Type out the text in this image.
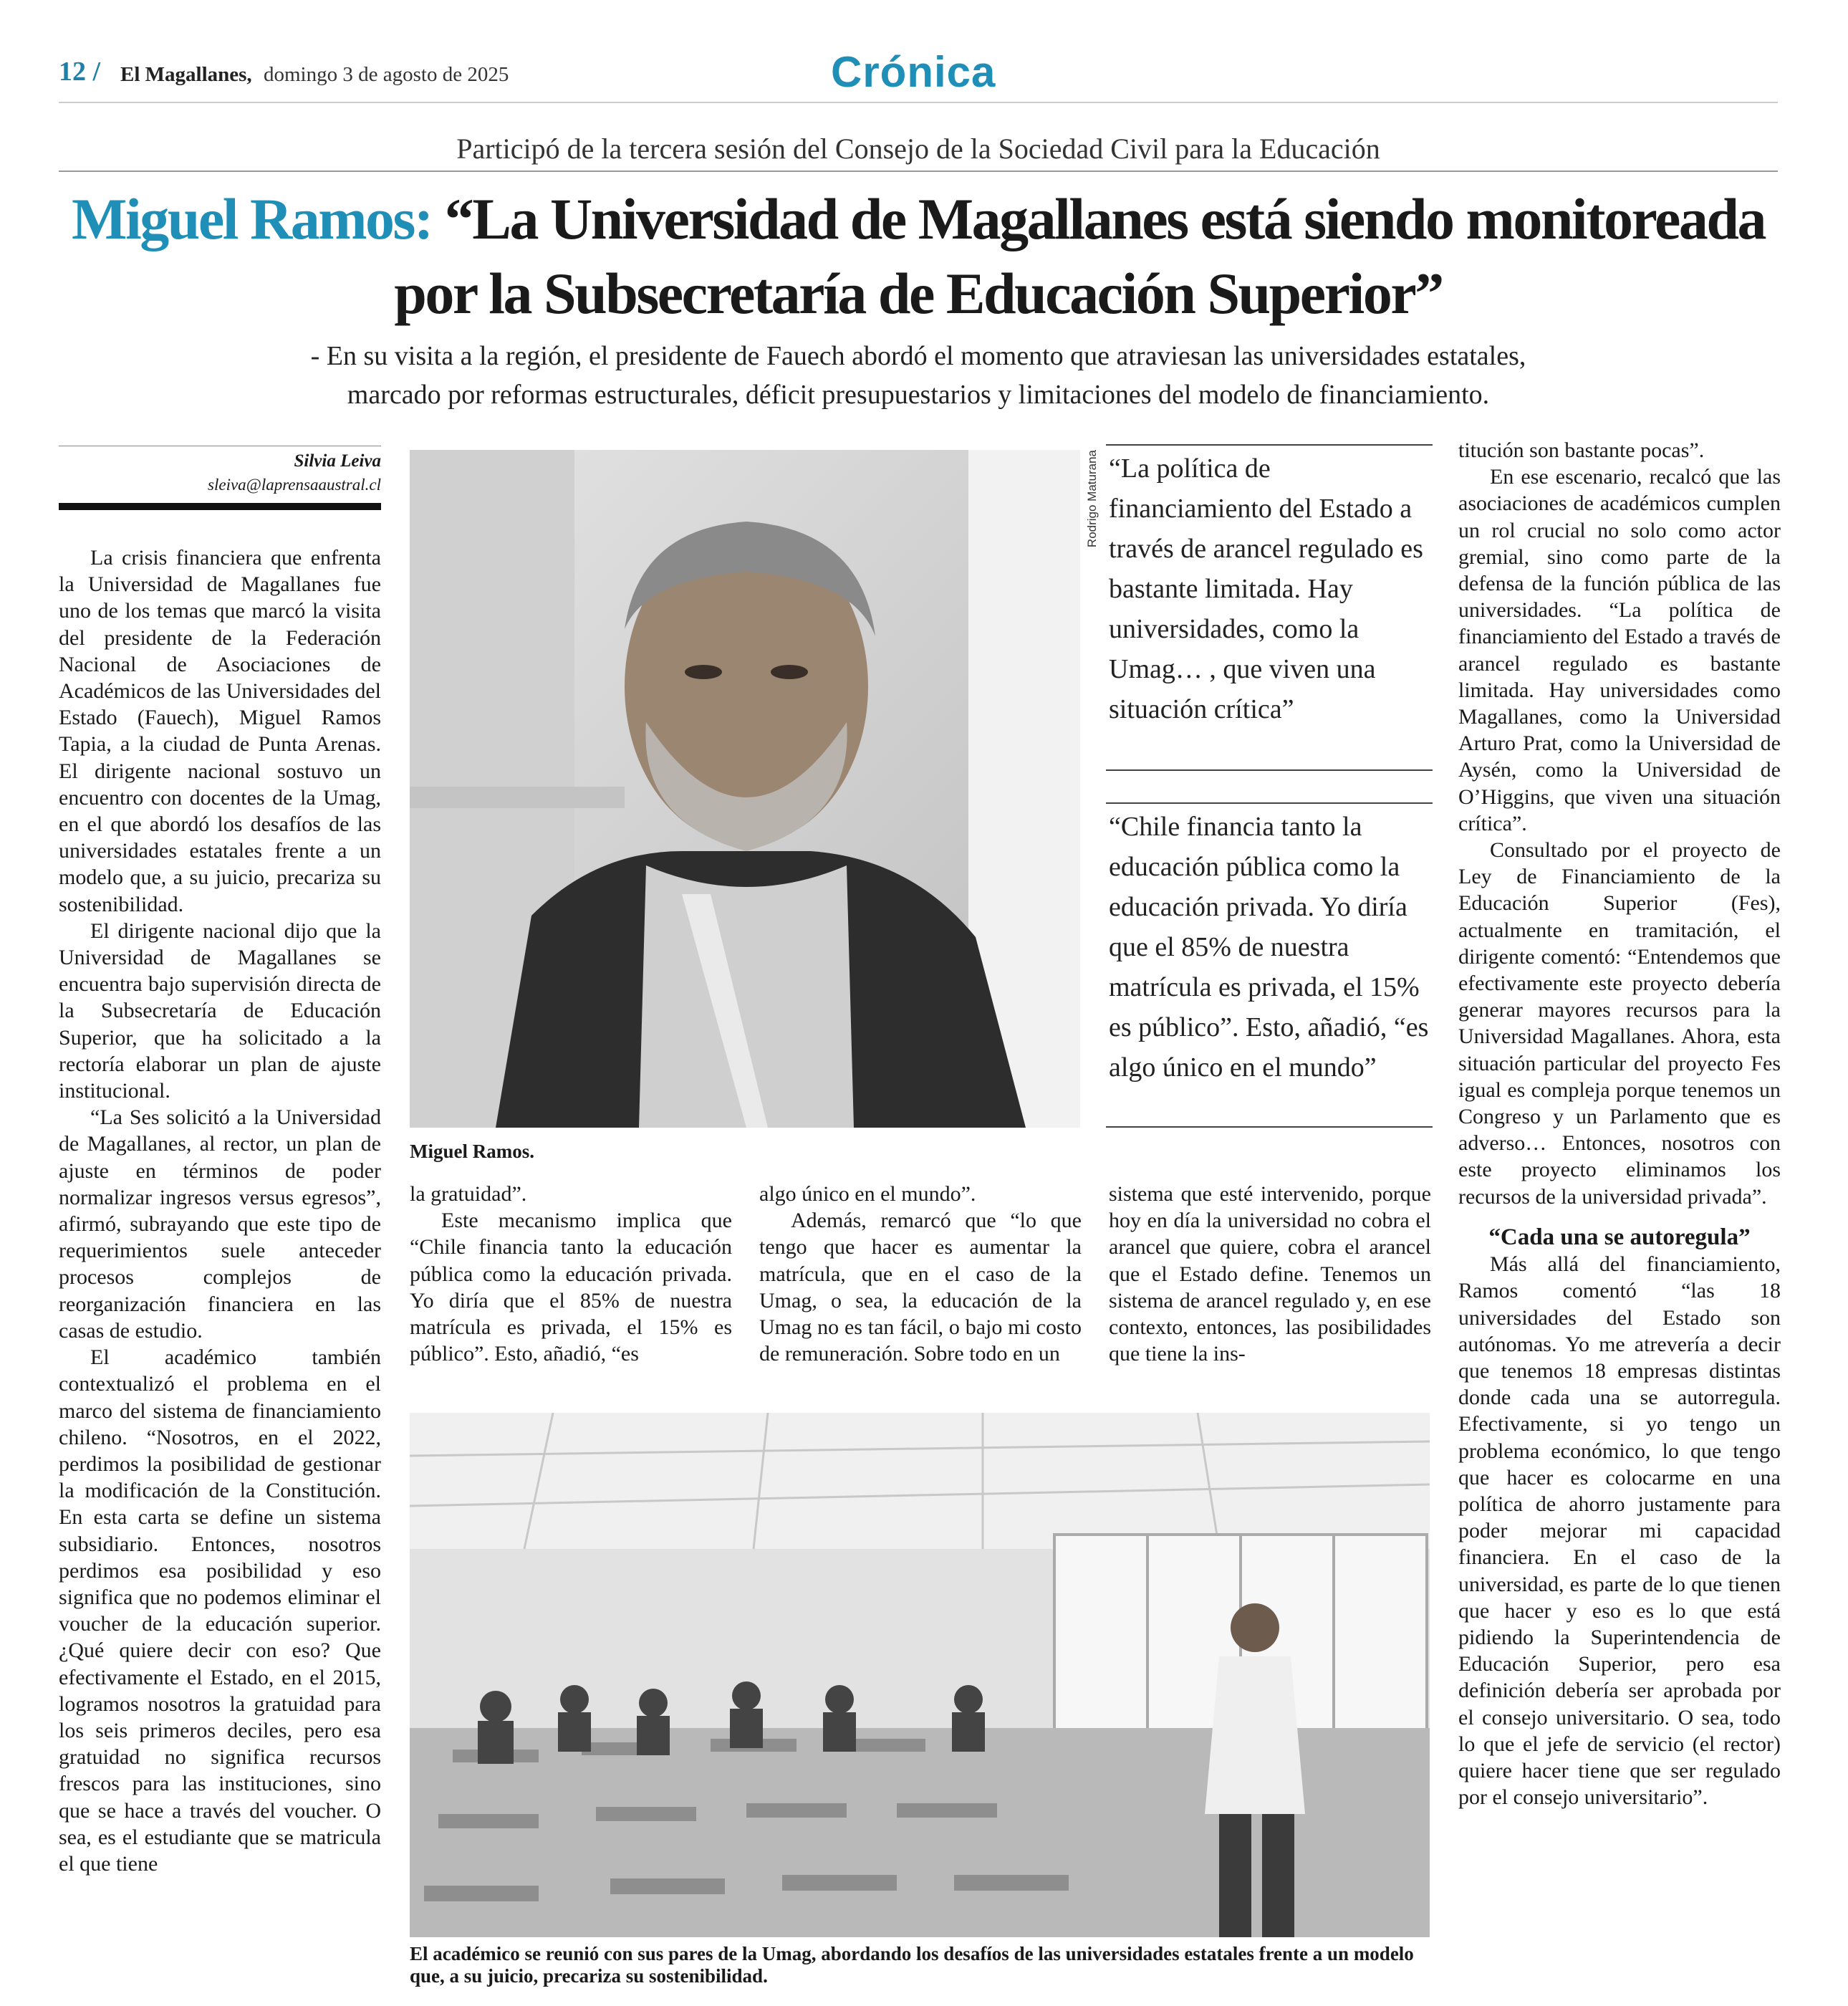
12 / El Magallanes, domingo 3 de agosto de 2025	Crónica
Participó de la tercera sesión del Consejo de la Sociedad Civil para la Educación
Miguel Ramos: “La Universidad de Magallanes está siendo monitoreada por la Subsecretaría de Educación Superior”
- En su visita a la región, el presidente de Fauech abordó el momento que atraviesan las universidades estatales,
marcado por reformas estructurales, déficit presupuestarios y limitaciones del modelo de financiamiento.
Silvia Leiva
sleiva@laprensaaustral.cl

La crisis financiera que enfrenta la Universidad de Magallanes fue uno de los temas que marcó la visita del presidente de la Federación Nacional de Asociaciones de Académicos de las Universidades del Estado (Fauech), Miguel Ramos Tapia, a la ciudad de Punta Arenas. El dirigente nacional sostuvo un encuentro con docentes de la Umag, en el que abordó los desafíos de las universidades estatales frente a un modelo que, a su juicio, precariza su sostenibilidad.

El dirigente nacional dijo que la Universidad de Magallanes se encuentra bajo supervisión directa de la Subsecretaría de Educación Superior, que ha solicitado a la rectoría elaborar un plan de ajuste institucional.

“La Ses solicitó a la Universidad de Magallanes, al rector, un plan de ajuste en términos de poder normalizar ingresos versus egresos”, afirmó, subrayando que este tipo de requerimientos suele anteceder procesos complejos de reorganización financiera en las casas de estudio.

El académico también contextualizó el problema en el marco del sistema de financiamiento chileno. “Nosotros, en el 2022, perdimos la posibilidad de gestionar la modificación de la Constitución. En esta carta se define un sistema subsidiario. Entonces, nosotros perdimos esa posibilidad y eso significa que no podemos eliminar el voucher de la educación superior. ¿Qué quiere decir con eso? Que efectivamente el Estado, en el 2015, logramos nosotros la gratuidad para los seis primeros deciles, pero esa gratuidad no significa recursos frescos para las instituciones, sino que se hace a través del voucher. O sea, es el estudiante que se matricula el que tiene

Rodrigo Maturana
Miguel Ramos.
“La política de financiamiento del Estado a través de arancel regulado es bastante limitada. Hay universidades, como la Umag… , que viven una situación crítica”
“Chile financia tanto la educación pública como la educación privada. Yo diría que el 85% de nuestra matrícula es privada, el 15% es público”. Esto, añadió, “es algo único en el mundo”

la gratuidad”.

Este mecanismo implica que “Chile financia tanto la educación pública como la educación privada. Yo diría que el 85% de nuestra matrícula es privada, el 15% es público”. Esto, añadió, “es

algo único en el mundo”.

Además, remarcó que “lo que tengo que hacer es aumentar la matrícula, que en el caso de la Umag, o sea, la educación de la Umag no es tan fácil, o bajo mi costo de remuneración. Sobre todo en un

sistema que esté intervenido, porque hoy en día la universidad no cobra el arancel que quiere, cobra el arancel que el Estado define. Tenemos un sistema de arancel regulado y, en ese contexto, entonces, las posibilidades que tiene la ins-

El académico se reunió con sus pares de la Umag, abordando los desafíos de las universidades estatales frente a un modelo que, a su juicio, precariza su sostenibilidad.

titución son bastante pocas”.

En ese escenario, recalcó que las asociaciones de académicos cumplen un rol crucial no solo como actor gremial, sino como parte de la defensa de la función pública de las universidades. “La política de financiamiento del Estado a través de arancel regulado es bastante limitada. Hay universidades como Magallanes, como la Universidad Arturo Prat, como la Universidad de Aysén, como la Universidad de O’Higgins, que viven una situación crítica”.

Consultado por el proyecto de Ley de Financiamiento de la Educación Superior (Fes), actualmente en tramitación, el dirigente comentó: “Entendemos que efectivamente este proyecto debería generar mayores recursos para la Universidad Magallanes. Ahora, esta situación particular del proyecto Fes igual es compleja porque tenemos un Congreso y un Parlamento que es adverso… Entonces, nosotros con este proyecto eliminamos los recursos de la universidad privada”.

“Cada una se autoregula”

Más allá del financiamiento, Ramos comentó “las 18 universidades del Estado son autónomas. Yo me atrevería a decir que tenemos 18 empresas distintas donde cada una se autorregula. Efectivamente, si yo tengo un problema económico, lo que tengo que hacer es colocarme en una política de ahorro justamente para poder mejorar mi capacidad financiera. En el caso de la universidad, es parte de lo que tienen que hacer y eso es lo que está pidiendo la Superintendencia de Educación Superior, pero esa definición debería ser aprobada por el consejo universitario. O sea, todo lo que el jefe de servicio (el rector) quiere hacer tiene que ser regulado por el consejo universitario”.
